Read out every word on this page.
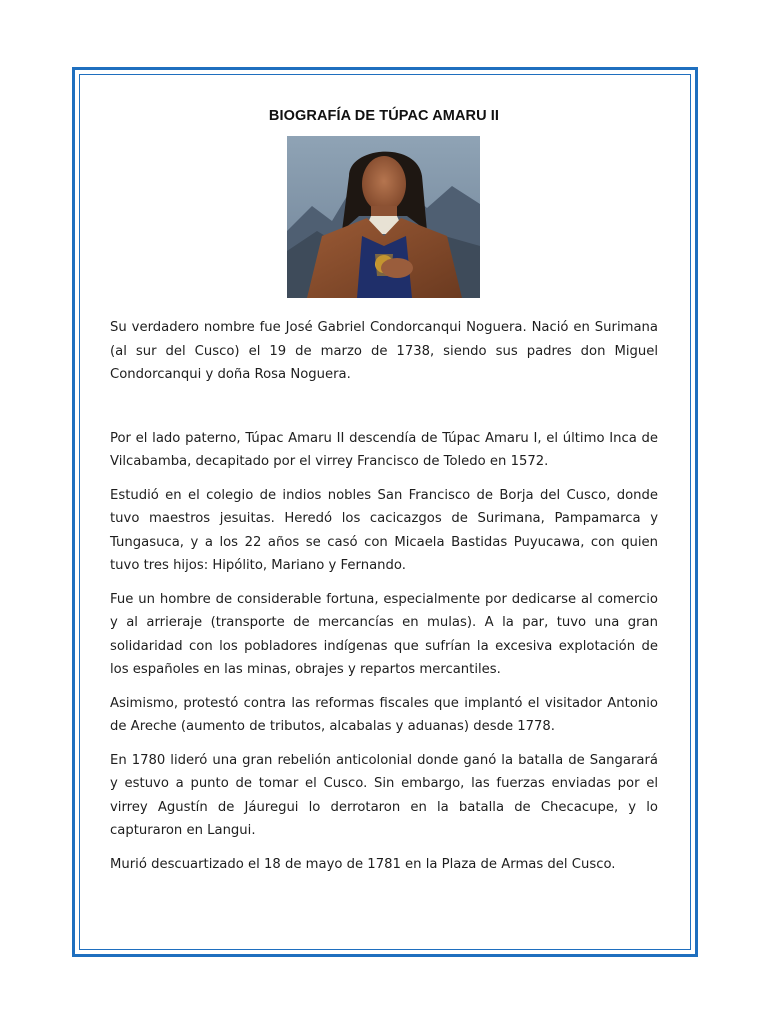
BIOGRAFÍA DE TÚPAC AMARU II

Su verdadero nombre fue José Gabriel Condorcanqui Noguera. Nació en Surimana (al sur del Cusco) el 19 de marzo de 1738, siendo sus padres don Miguel Condorcanqui y doña Rosa Noguera.

Por el lado paterno, Túpac Amaru II descendía de Túpac Amaru I, el último Inca de Vilcabamba, decapitado por el virrey Francisco de Toledo en 1572.

Estudió en el colegio de indios nobles San Francisco de Borja del Cusco, donde tuvo maestros jesuitas. Heredó los cacicazgos de Surimana, Pampamarca y Tungasuca, y a los 22 años se casó con Micaela Bastidas Puyucawa, con quien tuvo tres hijos: Hipólito, Mariano y Fernando.

Fue un hombre de considerable fortuna, especialmente por dedicarse al comercio y al arrieraje (transporte de mercancías en mulas). A la par, tuvo una gran solidaridad con los pobladores indígenas que sufrían la excesiva explotación de los españoles en las minas, obrajes y repartos mercantiles.

Asimismo, protestó contra las reformas fiscales que implantó el visitador Antonio de Areche (aumento de tributos, alcabalas y aduanas) desde 1778.

En 1780 lideró una gran rebelión anticolonial donde ganó la batalla de Sangarará y estuvo a punto de tomar el Cusco. Sin embargo, las fuerzas enviadas por el virrey Agustín de Jáuregui lo derrotaron en la batalla de Checacupe, y lo capturaron en Langui.

Murió descuartizado el 18 de mayo de 1781 en la Plaza de Armas del Cusco.
